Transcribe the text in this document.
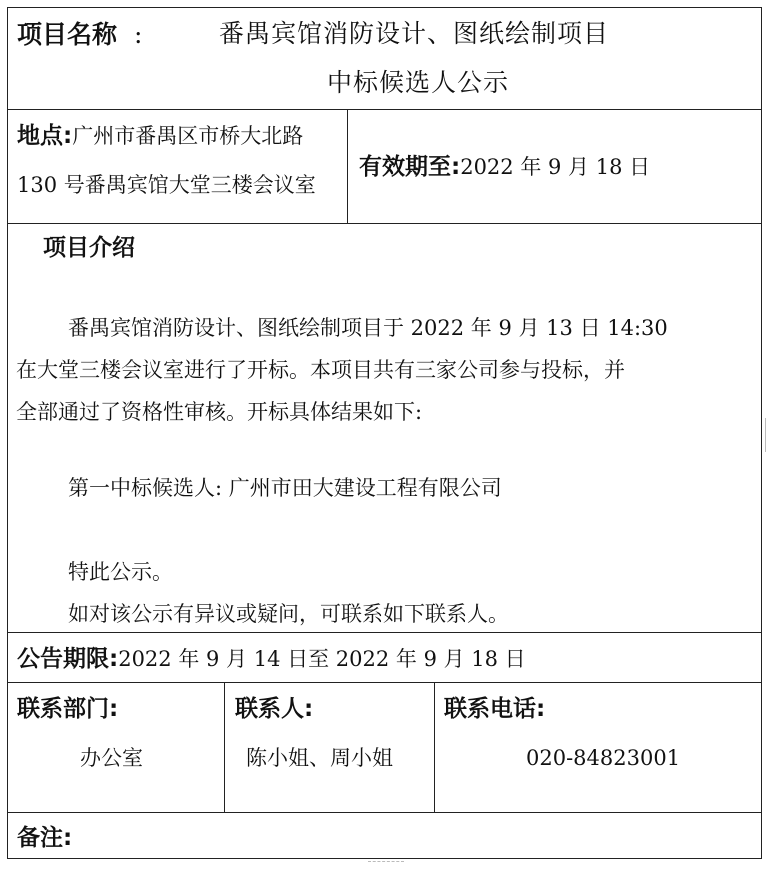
项目名称 :	番禺宾馆消防设计、图纸绘制项目
中标候选人公示
地点:广州市番禺区市桥大北路
130 号番禺宾馆大堂三楼会议室
有效期至:2022 年 9 月 18 日
项目介绍
番禺宾馆消防设计、图纸绘制项目于 2022 年 9 月 13 日 14:30
在大堂三楼会议室进行了开标。本项目共有三家公司参与投标，并
全部通过了资格性审核。开标具体结果如下:
第一中标候选人: 广州市田大建设工程有限公司
特此公示。
如对该公示有异议或疑问，可联系如下联系人。
公告期限:2022 年 9 月 14 日至 2022 年 9 月 18 日
联系部门:
办公室
联系人:
陈小姐、周小姐
联系电话:
020-84823001
备注:
